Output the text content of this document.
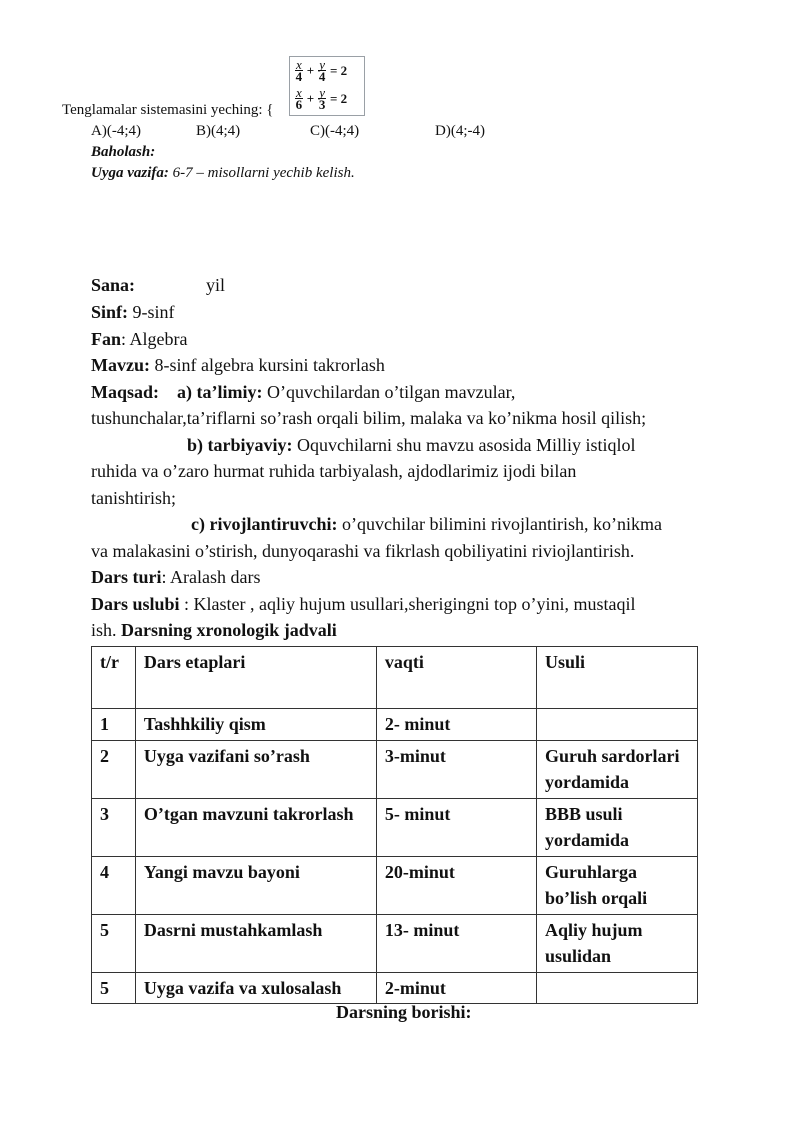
Tenglamalar sistemasini yeching: {
$\frac{x}{4} + \frac{y}{4} = 2$
$\frac{x}{6} + \frac{y}{3} = 2$
A)(-4;4)	B)(4;4)	C)(-4;4)	D)(4;-4)
Baholash:
Uyga vazifa: 6-7 – misollarni yechib kelish.
Sana:	yil
Sinf: 9-sinf
Fan: Algebra
Mavzu: 8-sinf algebra kursini takrorlash
Maqsad: a) ta’limiy: O’quvchilardan o’tilgan mavzular,
tushunchalar,ta’riflarni so’rash orqali bilim, malaka va ko’nikma hosil qilish;
b) tarbiyaviy: Oquvchilarni shu mavzu asosida Milliy istiqlol
ruhida va o’zaro hurmat ruhida tarbiyalash, ajdodlarimiz ijodi bilan
tanishtirish;
c) rivojlantiruvchi: o’quvchilar bilimini rivojlantirish, ko’nikma
va malakasini o’stirish, dunyoqarashi va fikrlash qobiliyatini riviojlantirish.
Dars turi: Aralash dars
Dars uslubi : Klaster , aqliy hujum usullari,sherigingni top o’yini, mustaqil
ish. Darsning xronologik jadvali
t/r	Dars etaplari	vaqti	Usuli
1	Tashhkiliy qism	2- minut	
2	Uyga vazifani so’rash	3-minut	Guruh sardorlari yordamida
3	O’tgan mavzuni takrorlash	5- minut	BBB usuli yordamida
4	Yangi mavzu bayoni	20-minut	Guruhlarga bo’lish orqali
5	Dasrni mustahkamlash	13- minut	Aqliy hujum usulidan
5	Uyga vazifa va xulosalash	2-minut	
Darsning borishi:
